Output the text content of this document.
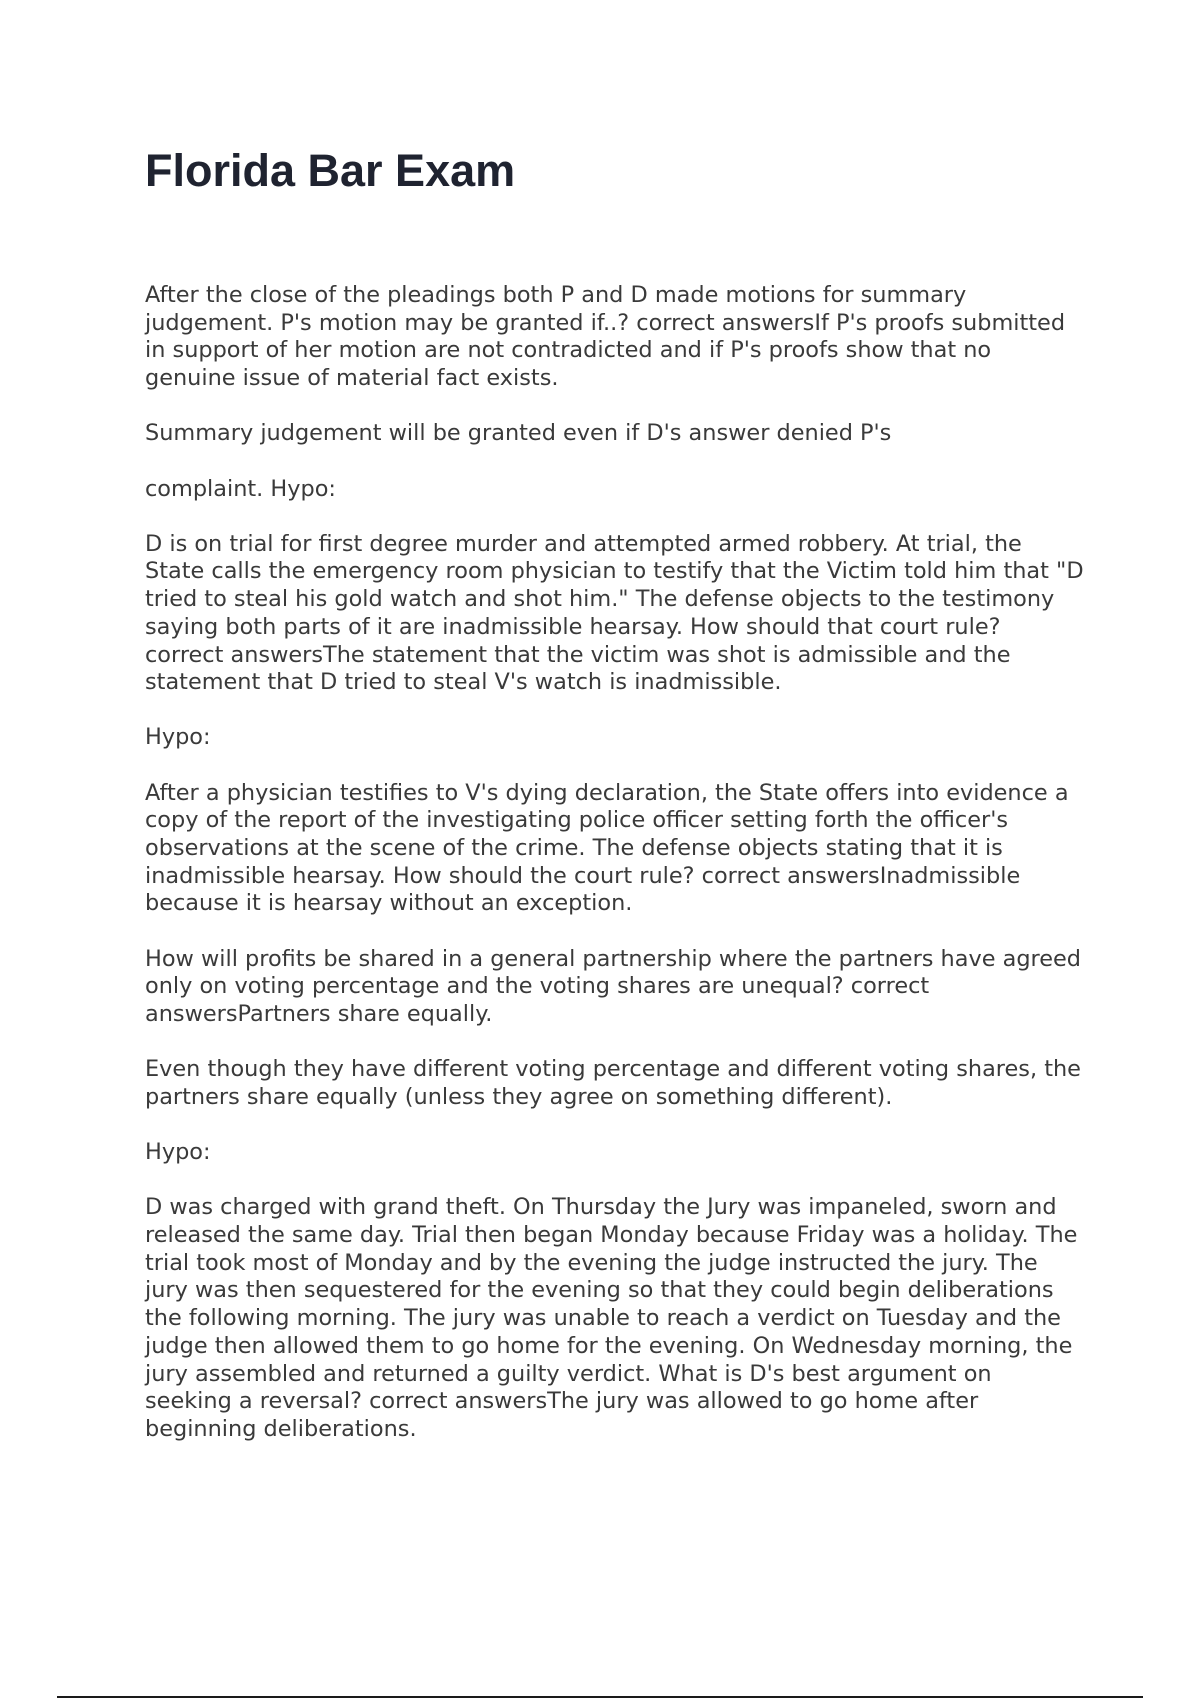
Florida Bar Exam

After the close of the pleadings both P and D made motions for summary judgement. P's motion may be granted if..? correct answersIf P's proofs submitted in support of her motion are not contradicted and if P's proofs show that no genuine issue of material fact exists.

Summary judgement will be granted even if D's answer denied P's

complaint. Hypo:

D is on trial for first degree murder and attempted armed robbery. At trial, the State calls the emergency room physician to testify that the Victim told him that "D tried to steal his gold watch and shot him." The defense objects to the testimony saying both parts of it are inadmissible hearsay. How should that court rule? correct answersThe statement that the victim was shot is admissible and the statement that D tried to steal V's watch is inadmissible.

Hypo:

After a physician testifies to V's dying declaration, the State offers into evidence a copy of the report of the investigating police officer setting forth the officer's observations at the scene of the crime. The defense objects stating that it is inadmissible hearsay. How should the court rule? correct answersInadmissible because it is hearsay without an exception.

How will profits be shared in a general partnership where the partners have agreed only on voting percentage and the voting shares are unequal? correct answersPartners share equally.

Even though they have different voting percentage and different voting shares, the partners share equally (unless they agree on something different).

Hypo:

D was charged with grand theft. On Thursday the Jury was impaneled, sworn and released the same day. Trial then began Monday because Friday was a holiday. The trial took most of Monday and by the evening the judge instructed the jury. The jury was then sequestered for the evening so that they could begin deliberations the following morning. The jury was unable to reach a verdict on Tuesday and the judge then allowed them to go home for the evening. On Wednesday morning, the jury assembled and returned a guilty verdict. What is D's best argument on seeking a reversal? correct answersThe jury was allowed to go home after beginning deliberations.
